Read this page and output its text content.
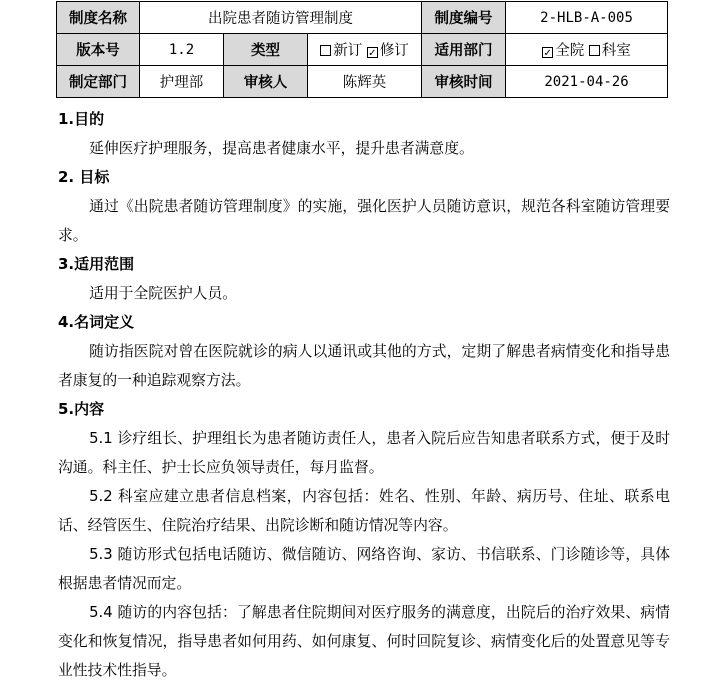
制度名称	出院患者随访管理制度			制度编号	2-HLB-A-005
版本号	1.2	类型	新订 ✓ 修订	适用部门	✓ 全院 科室
制定部门	护理部	审核人	陈辉英	审核时间	2021-04-26
1.目的

延伸医疗护理服务，提高患者健康水平，提升患者满意度。

2. 目标

通过《出院患者随访管理制度》的实施，强化医护人员随访意识，规范各科室随访管理要求。

3.适用范围

适用于全院医护人员。

4.名词定义

随访指医院对曾在医院就诊的病人以通讯或其他的方式，定期了解患者病情变化和指导患者康复的一种追踪观察方法。

5.内容

5.1 诊疗组长、护理组长为患者随访责任人，患者入院后应告知患者联系方式，便于及时沟通。科主任、护士长应负领导责任，每月监督。

5.2 科室应建立患者信息档案，内容包括：姓名、性别、年龄、病历号、住址、联系电话、经管医生、住院治疗结果、出院诊断和随访情况等内容。

5.3 随访形式包括电话随访、微信随访、网络咨询、家访、书信联系、门诊随诊等，具体根据患者情况而定。

5.4 随访的内容包括：了解患者住院期间对医疗服务的满意度，出院后的治疗效果、病情变化和恢复情况，指导患者如何用药、如何康复、何时回院复诊、病情变化后的处置意见等专业性技术性指导。
